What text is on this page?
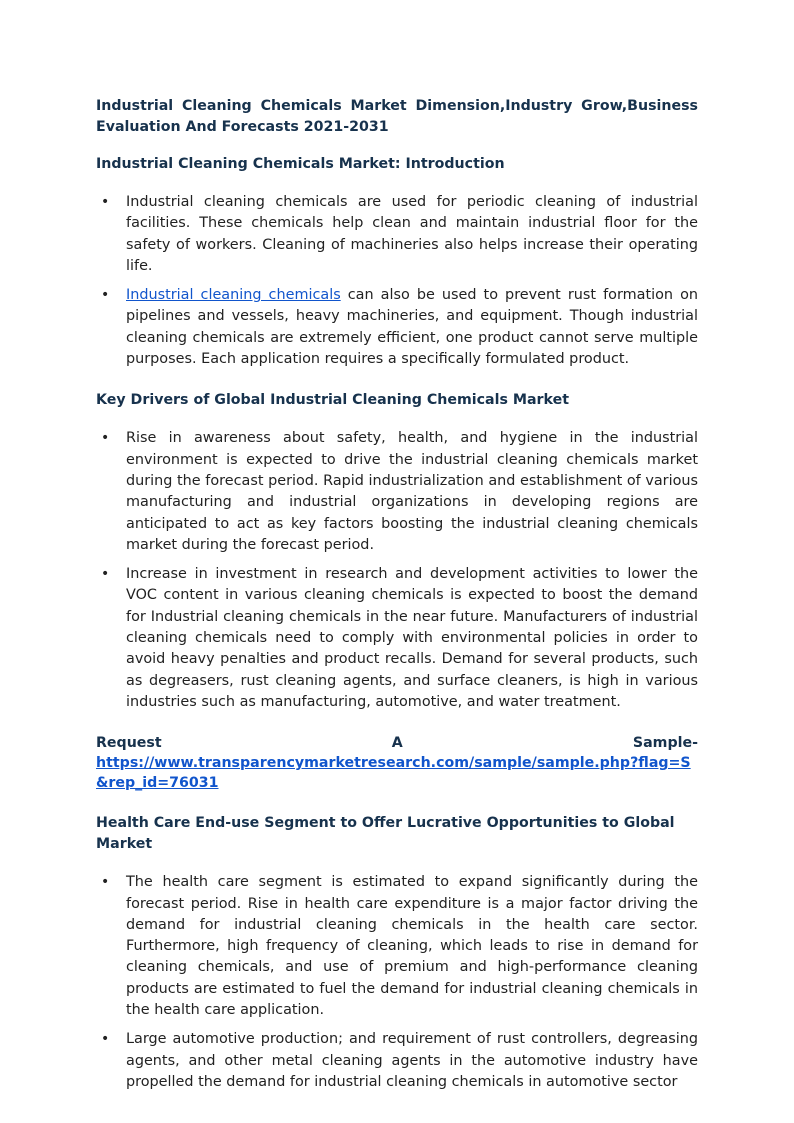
Industrial Cleaning Chemicals Market Dimension,Industry Grow,Business Evaluation And Forecasts 2021-2031

Industrial Cleaning Chemicals Market: Introduction

• Industrial cleaning chemicals are used for periodic cleaning of industrial facilities. These chemicals help clean and maintain industrial floor for the safety of workers. Cleaning of machineries also helps increase their operating life.
• Industrial cleaning chemicals can also be used to prevent rust formation on pipelines and vessels, heavy machineries, and equipment. Though industrial cleaning chemicals are extremely efficient, one product cannot serve multiple purposes. Each application requires a specifically formulated product.

Key Drivers of Global Industrial Cleaning Chemicals Market

• Rise in awareness about safety, health, and hygiene in the industrial environment is expected to drive the industrial cleaning chemicals market during the forecast period. Rapid industrialization and establishment of various manufacturing and industrial organizations in developing regions are anticipated to act as key factors boosting the industrial cleaning chemicals market during the forecast period.
• Increase in investment in research and development activities to lower the VOC content in various cleaning chemicals is expected to boost the demand for Industrial cleaning chemicals in the near future. Manufacturers of industrial cleaning chemicals need to comply with environmental policies in order to avoid heavy penalties and product recalls. Demand for several products, such as degreasers, rust cleaning agents, and surface cleaners, is high in various industries such as manufacturing, automotive, and water treatment.
Request	A	Sample-
https://www.transparencymarketresearch.com/sample/sample.php?flag=S&rep_id=76031

Health Care End-use Segment to Offer Lucrative Opportunities to Global Market

• The health care segment is estimated to expand significantly during the forecast period. Rise in health care expenditure is a major factor driving the demand for industrial cleaning chemicals in the health care sector. Furthermore, high frequency of cleaning, which leads to rise in demand for cleaning chemicals, and use of premium and high-performance cleaning products are estimated to fuel the demand for industrial cleaning chemicals in the health care application.
• Large automotive production; and requirement of rust controllers, degreasing agents, and other metal cleaning agents in the automotive industry have propelled the demand for industrial cleaning chemicals in automotive sector
